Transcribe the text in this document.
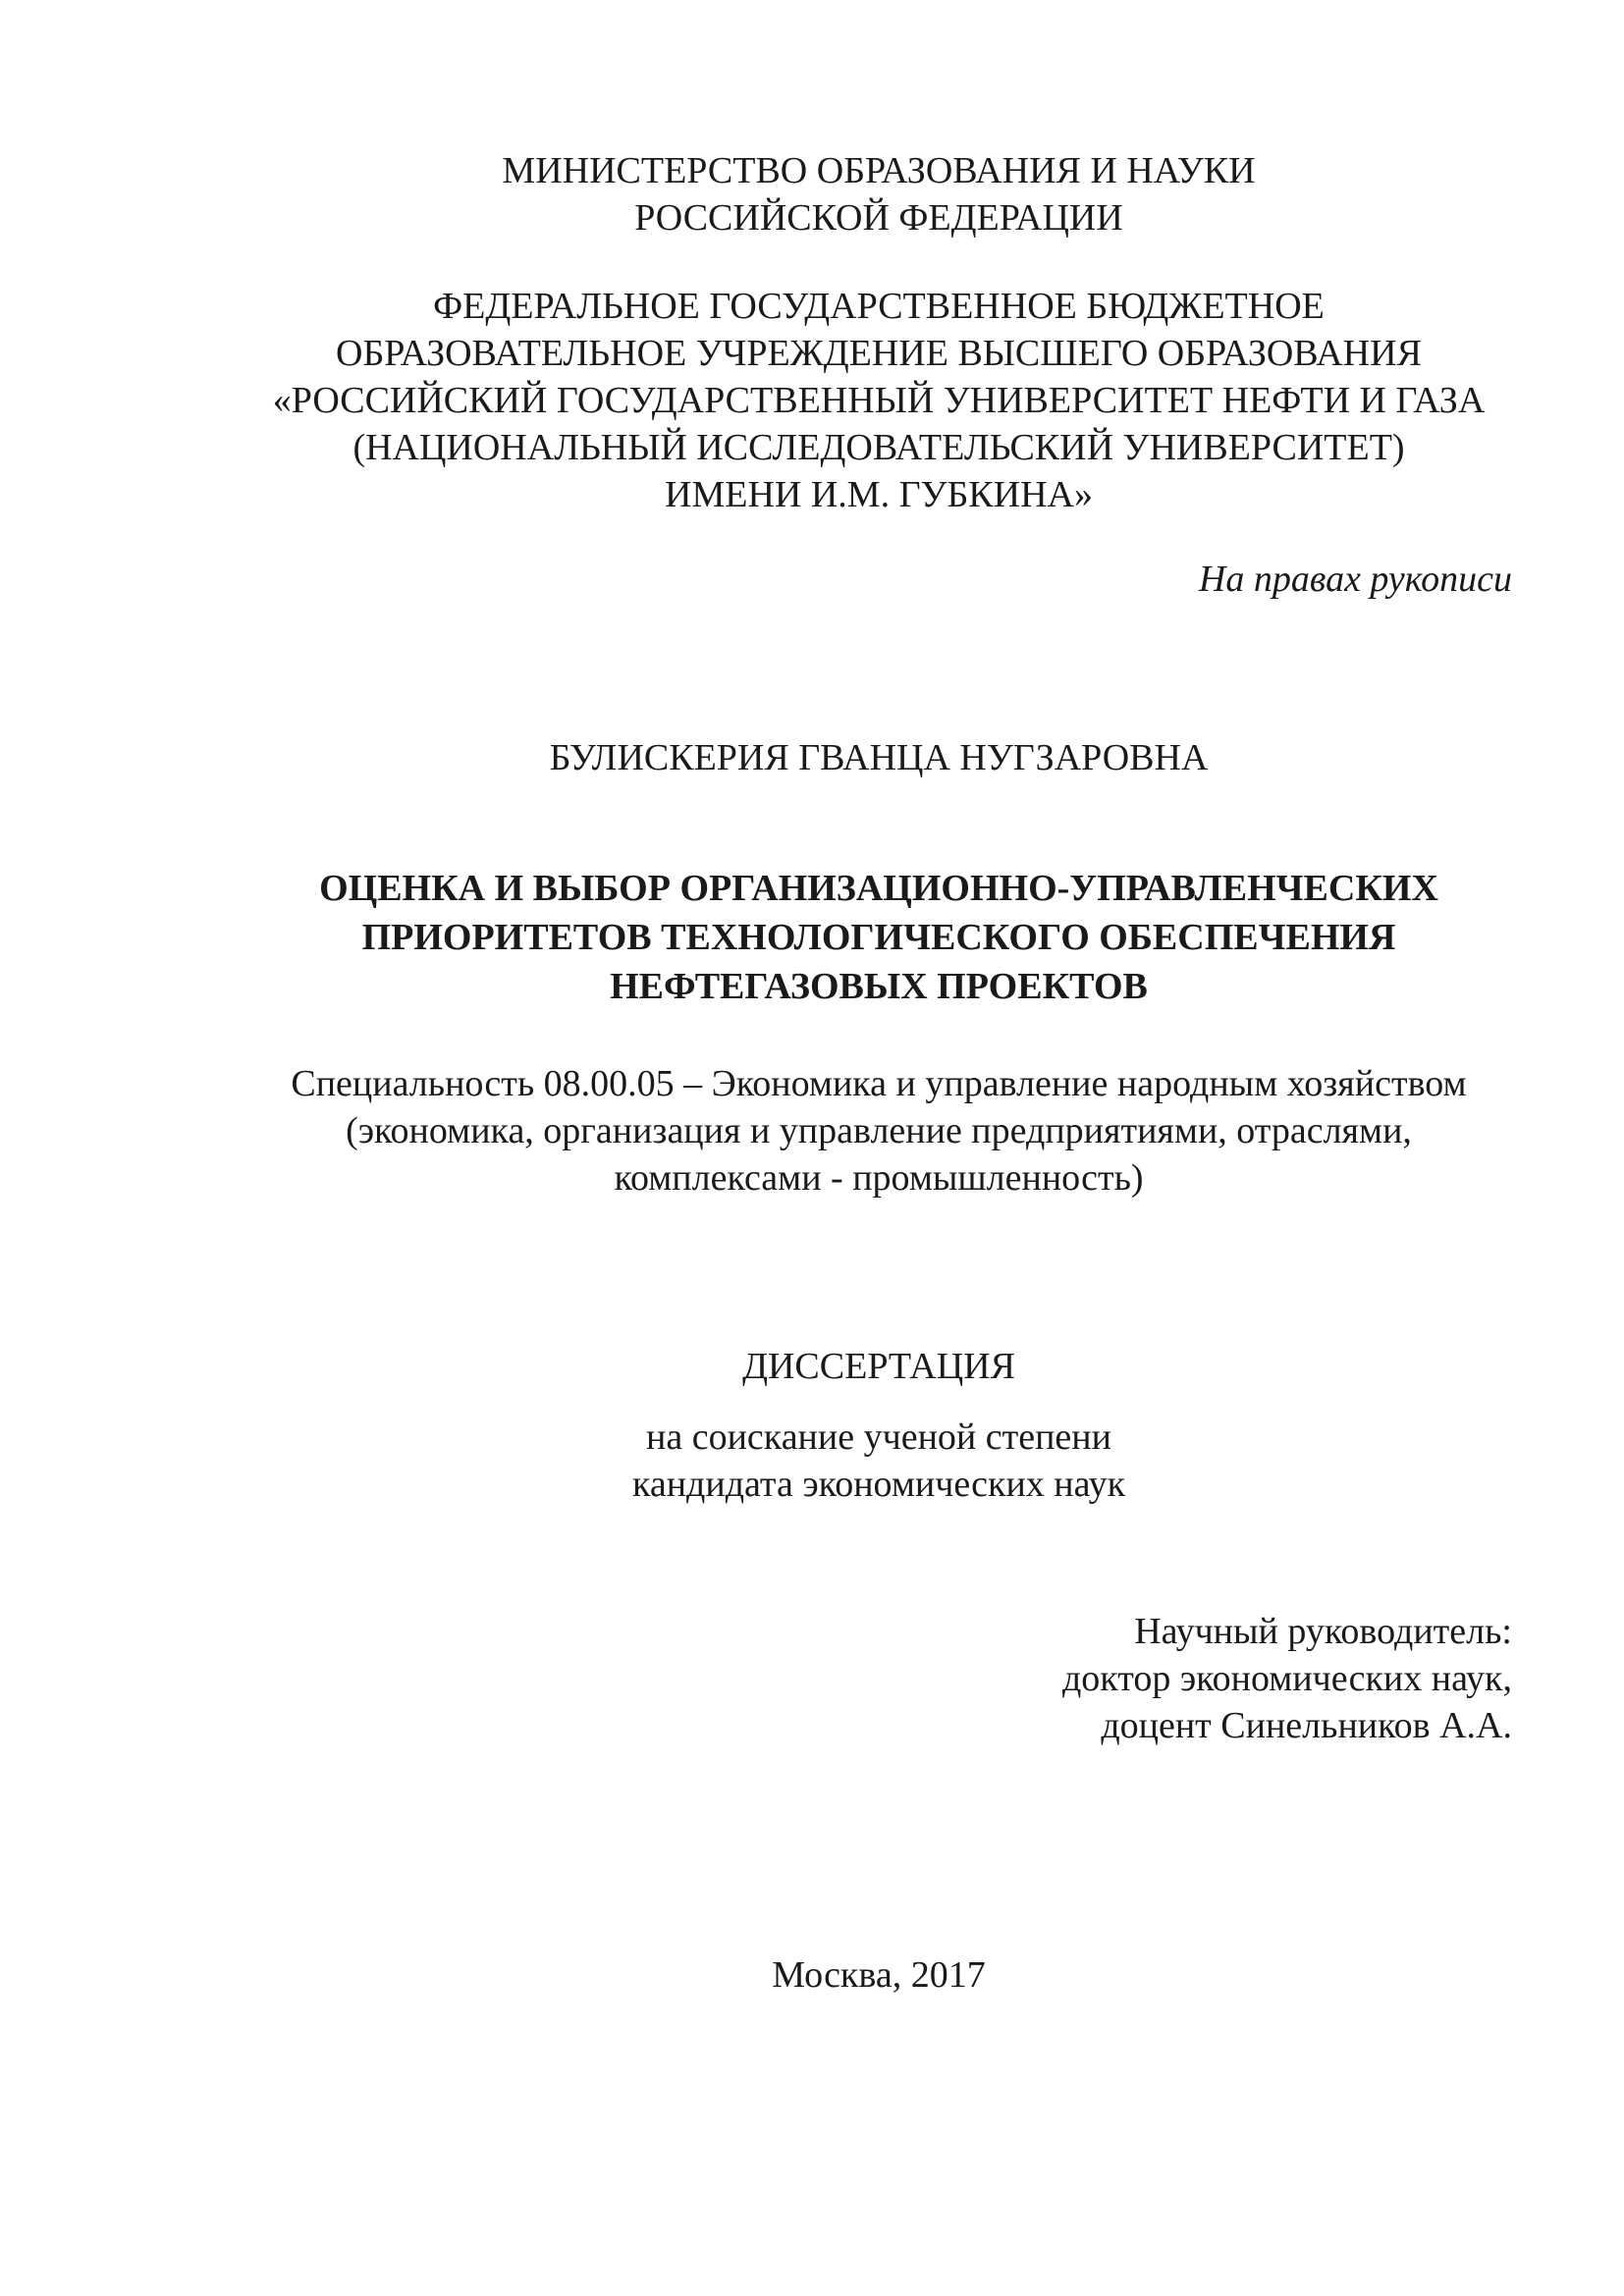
МИНИСТЕРСТВО ОБРАЗОВАНИЯ И НАУКИ
РОССИЙСКОЙ ФЕДЕРАЦИИ
ФЕДЕРАЛЬНОЕ ГОСУДАРСТВЕННОЕ БЮДЖЕТНОЕ
ОБРАЗОВАТЕЛЬНОЕ УЧРЕЖДЕНИЕ ВЫСШЕГО ОБРАЗОВАНИЯ
«РОССИЙСКИЙ ГОСУДАРСТВЕННЫЙ УНИВЕРСИТЕТ НЕФТИ И ГАЗА
(НАЦИОНАЛЬНЫЙ ИССЛЕДОВАТЕЛЬСКИЙ УНИВЕРСИТЕТ)
ИМЕНИ И.М. ГУБКИНА»
На правах рукописи
БУЛИСКЕРИЯ ГВАНЦА НУГЗАРОВНА
ОЦЕНКА И ВЫБОР ОРГАНИЗАЦИОННО-УПРАВЛЕНЧЕСКИХ
ПРИОРИТЕТОВ ТЕХНОЛОГИЧЕСКОГО ОБЕСПЕЧЕНИЯ
НЕФТЕГАЗОВЫХ ПРОЕКТОВ
Специальность 08.00.05 – Экономика и управление народным хозяйством
(экономика, организация и управление предприятиями, отраслями,
комплексами - промышленность)
ДИССЕРТАЦИЯ
на соискание ученой степени
кандидата экономических наук
Научный руководитель:
доктор экономических наук,
доцент Синельников А.А.
Москва, 2017
